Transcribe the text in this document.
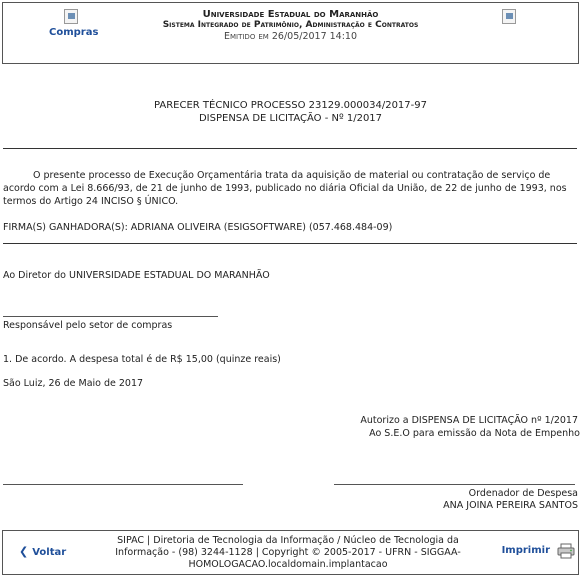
Compras
Universidade Estadual do Maranhão
Sistema Integrado de Patrimônio, Administração e Contratos
Emitido em 26/05/2017 14:10
PARECER TÉCNICO PROCESSO 23129.000034/2017-97
DISPENSA DE LICITAÇÃO - Nº 1/2017
O presente processo de Execução Orçamentária trata da aquisição de material ou contratação de serviço de acordo com a Lei 8.666/93, de 21 de junho de 1993, publicado no diária Oficial da União, de 22 de junho de 1993, nos termos do Artigo 24 INCISO § ÚNICO.
FIRMA(S) GANHADORA(S): ADRIANA OLIVEIRA (ESIGSOFTWARE) (057.468.484-09)
Ao Diretor do UNIVERSIDADE ESTADUAL DO MARANHÃO
Responsável pelo setor de compras
1. De acordo. A despesa total é de R$ 15,00 (quinze reais)
São Luiz, 26 de Maio de 2017
Autorizo a DISPENSA DE LICITAÇÃO nº 1/2017
Ao S.E.O para emissão da Nota de Empenho
Ordenador de Despesa
ANA JOINA PEREIRA SANTOS
❮ Voltar
SIPAC | Diretoria de Tecnologia da Informação / Núcleo de Tecnologia da Informação - (98) 3244-1128 | Copyright © 2005-2017 - UFRN - SIGGAA-HOMOLOGACAO.localdomain.implantacao
Imprimir
